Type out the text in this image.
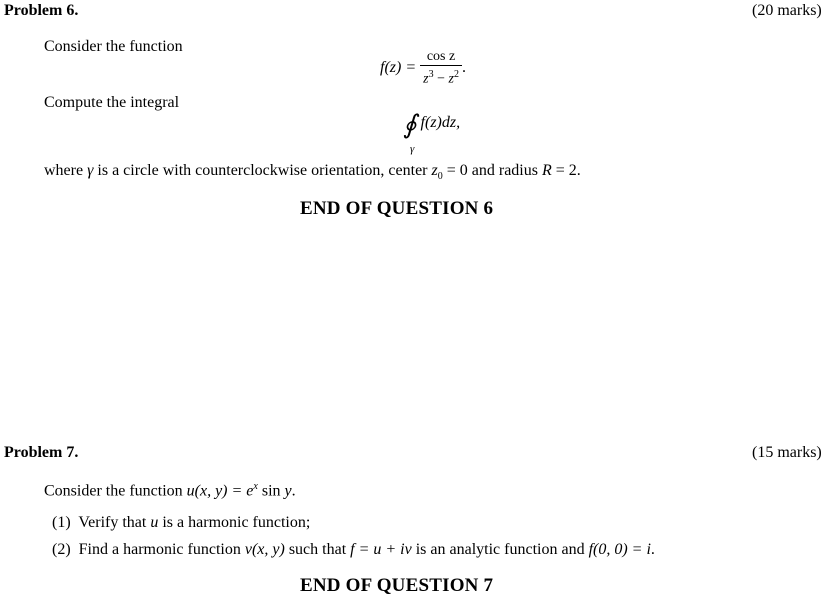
Problem 6.	(20 marks)
Consider the function
$f(z) = \frac{\text{cos z}}{z^3 - z^2}$ .
Compute the integral
∮ f(z)dz,
γ
where γ is a circle with counterclockwise orientation, center $z_0 = 0$ and radius R = 2.
END OF QUESTION 6
Problem 7.	(15 marks)
Consider the function u(x, $y) = e^x$ sin y.
(1) Verify that u is a harmonic function;
(2) Find a harmonic function v(x, y) such that f = u + iv is an analytic function and f(0, 0) = i.
END OF QUESTION 7
